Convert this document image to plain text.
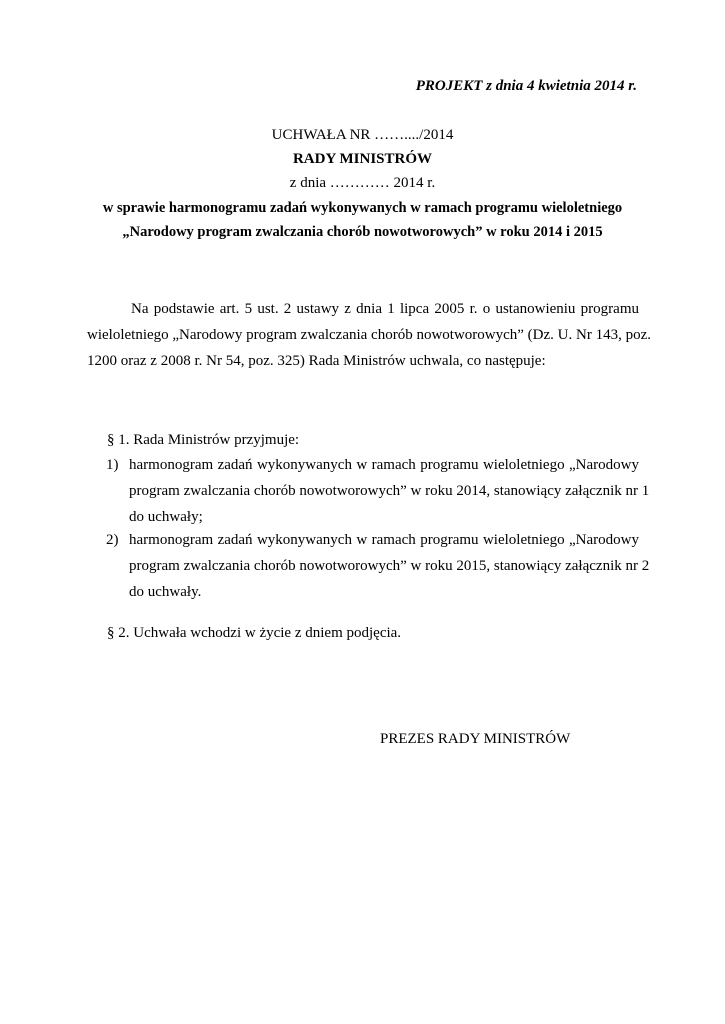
PROJEKT z dnia 4 kwietnia 2014 r.
UCHWAŁA NR ……..../2014
RADY MINISTRÓW
z dnia ………… 2014 r.
w sprawie harmonogramu zadań wykonywanych w ramach programu wieloletniego
„Narodowy program zwalczania chorób nowotworowych” w roku 2014 i 2015
Na podstawie art. 5 ust. 2 ustawy z dnia 1 lipca 2005 r. o ustanowieniu programu
wieloletniego „Narodowy program zwalczania chorób nowotworowych” (Dz. U. Nr 143, poz.
1200 oraz z 2008 r. Nr 54, poz. 325) Rada Ministrów uchwala, co następuje:
§ 1. Rada Ministrów przyjmuje:
1) harmonogram zadań wykonywanych w ramach programu wieloletniego „Narodowy
program zwalczania chorób nowotworowych” w roku 2014, stanowiący załącznik nr 1
do uchwały;
2) harmonogram zadań wykonywanych w ramach programu wieloletniego „Narodowy
program zwalczania chorób nowotworowych” w roku 2015, stanowiący załącznik nr 2
do uchwały.
§ 2. Uchwała wchodzi w życie z dniem podjęcia.
PREZES RADY MINISTRÓW
